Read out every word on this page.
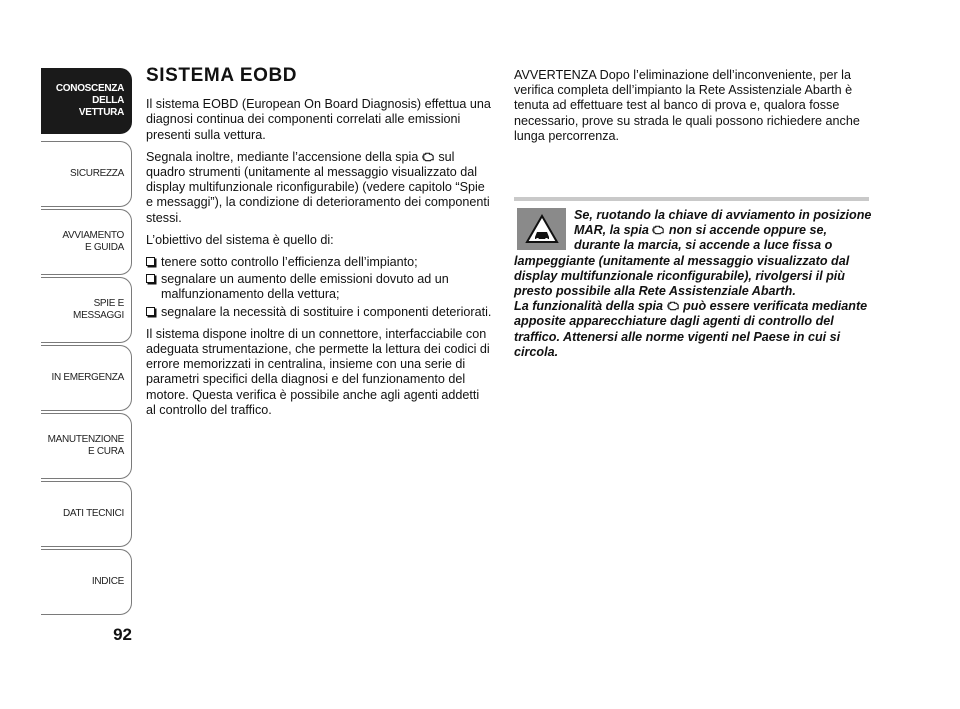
CONOSCENZA
DELLA
VETTURA
SICUREZZA
AVVIAMENTO
E GUIDA
SPIE E
MESSAGGI
IN EMERGENZA
MANUTENZIONE
E CURA
DATI TECNICI
INDICE
92
SISTEMA EOBD

Il sistema EOBD (European On Board Diagnosis) effettua una diagnosi continua dei componenti correlati alle emissioni presenti sulla vettura.

Segnala inoltre, mediante l’accensione della spia sul quadro strumenti (unitamente al messaggio visualizzato dal display multifunzionale riconfigurabile) (vedere capitolo “Spie e messaggi”), la condizione di deterioramento dei componenti stessi.

L’obiettivo del sistema è quello di:

tenere sotto controllo l’efficienza dell’impianto;
segnalare un aumento delle emissioni dovuto ad un malfunzionamento della vettura;
segnalare la necessità di sostituire i componenti deteriorati.

Il sistema dispone inoltre di un connettore, interfacciabile con adeguata strumentazione, che permette la lettura dei codici di errore memorizzati in centralina, insieme con una serie di parametri specifici della diagnosi e del funzionamento del motore. Questa verifica è possibile anche agli agenti addetti al controllo del traffico.

AVVERTENZA Dopo l’eliminazione dell’inconveniente, per la verifica completa dell’impianto la Rete Assistenziale Abarth è tenuta ad effettuare test al banco di prova e, qualora fosse necessario, prove su strada le quali possono richiedere anche lunga percorrenza.

Se, ruotando la chiave di avviamento in posizione MAR, la spia non si accende oppure se, durante la marcia, si accende a luce fissa o lampeggiante (unitamente al messaggio visualizzato dal display multifunzionale riconfigurabile), rivolgersi il più presto possibile alla Rete Assistenziale Abarth.
La funzionalità della spia può essere verificata mediante apposite apparecchiature dagli agenti di controllo del traffico. Attenersi alle norme vigenti nel Paese in cui si circola.
